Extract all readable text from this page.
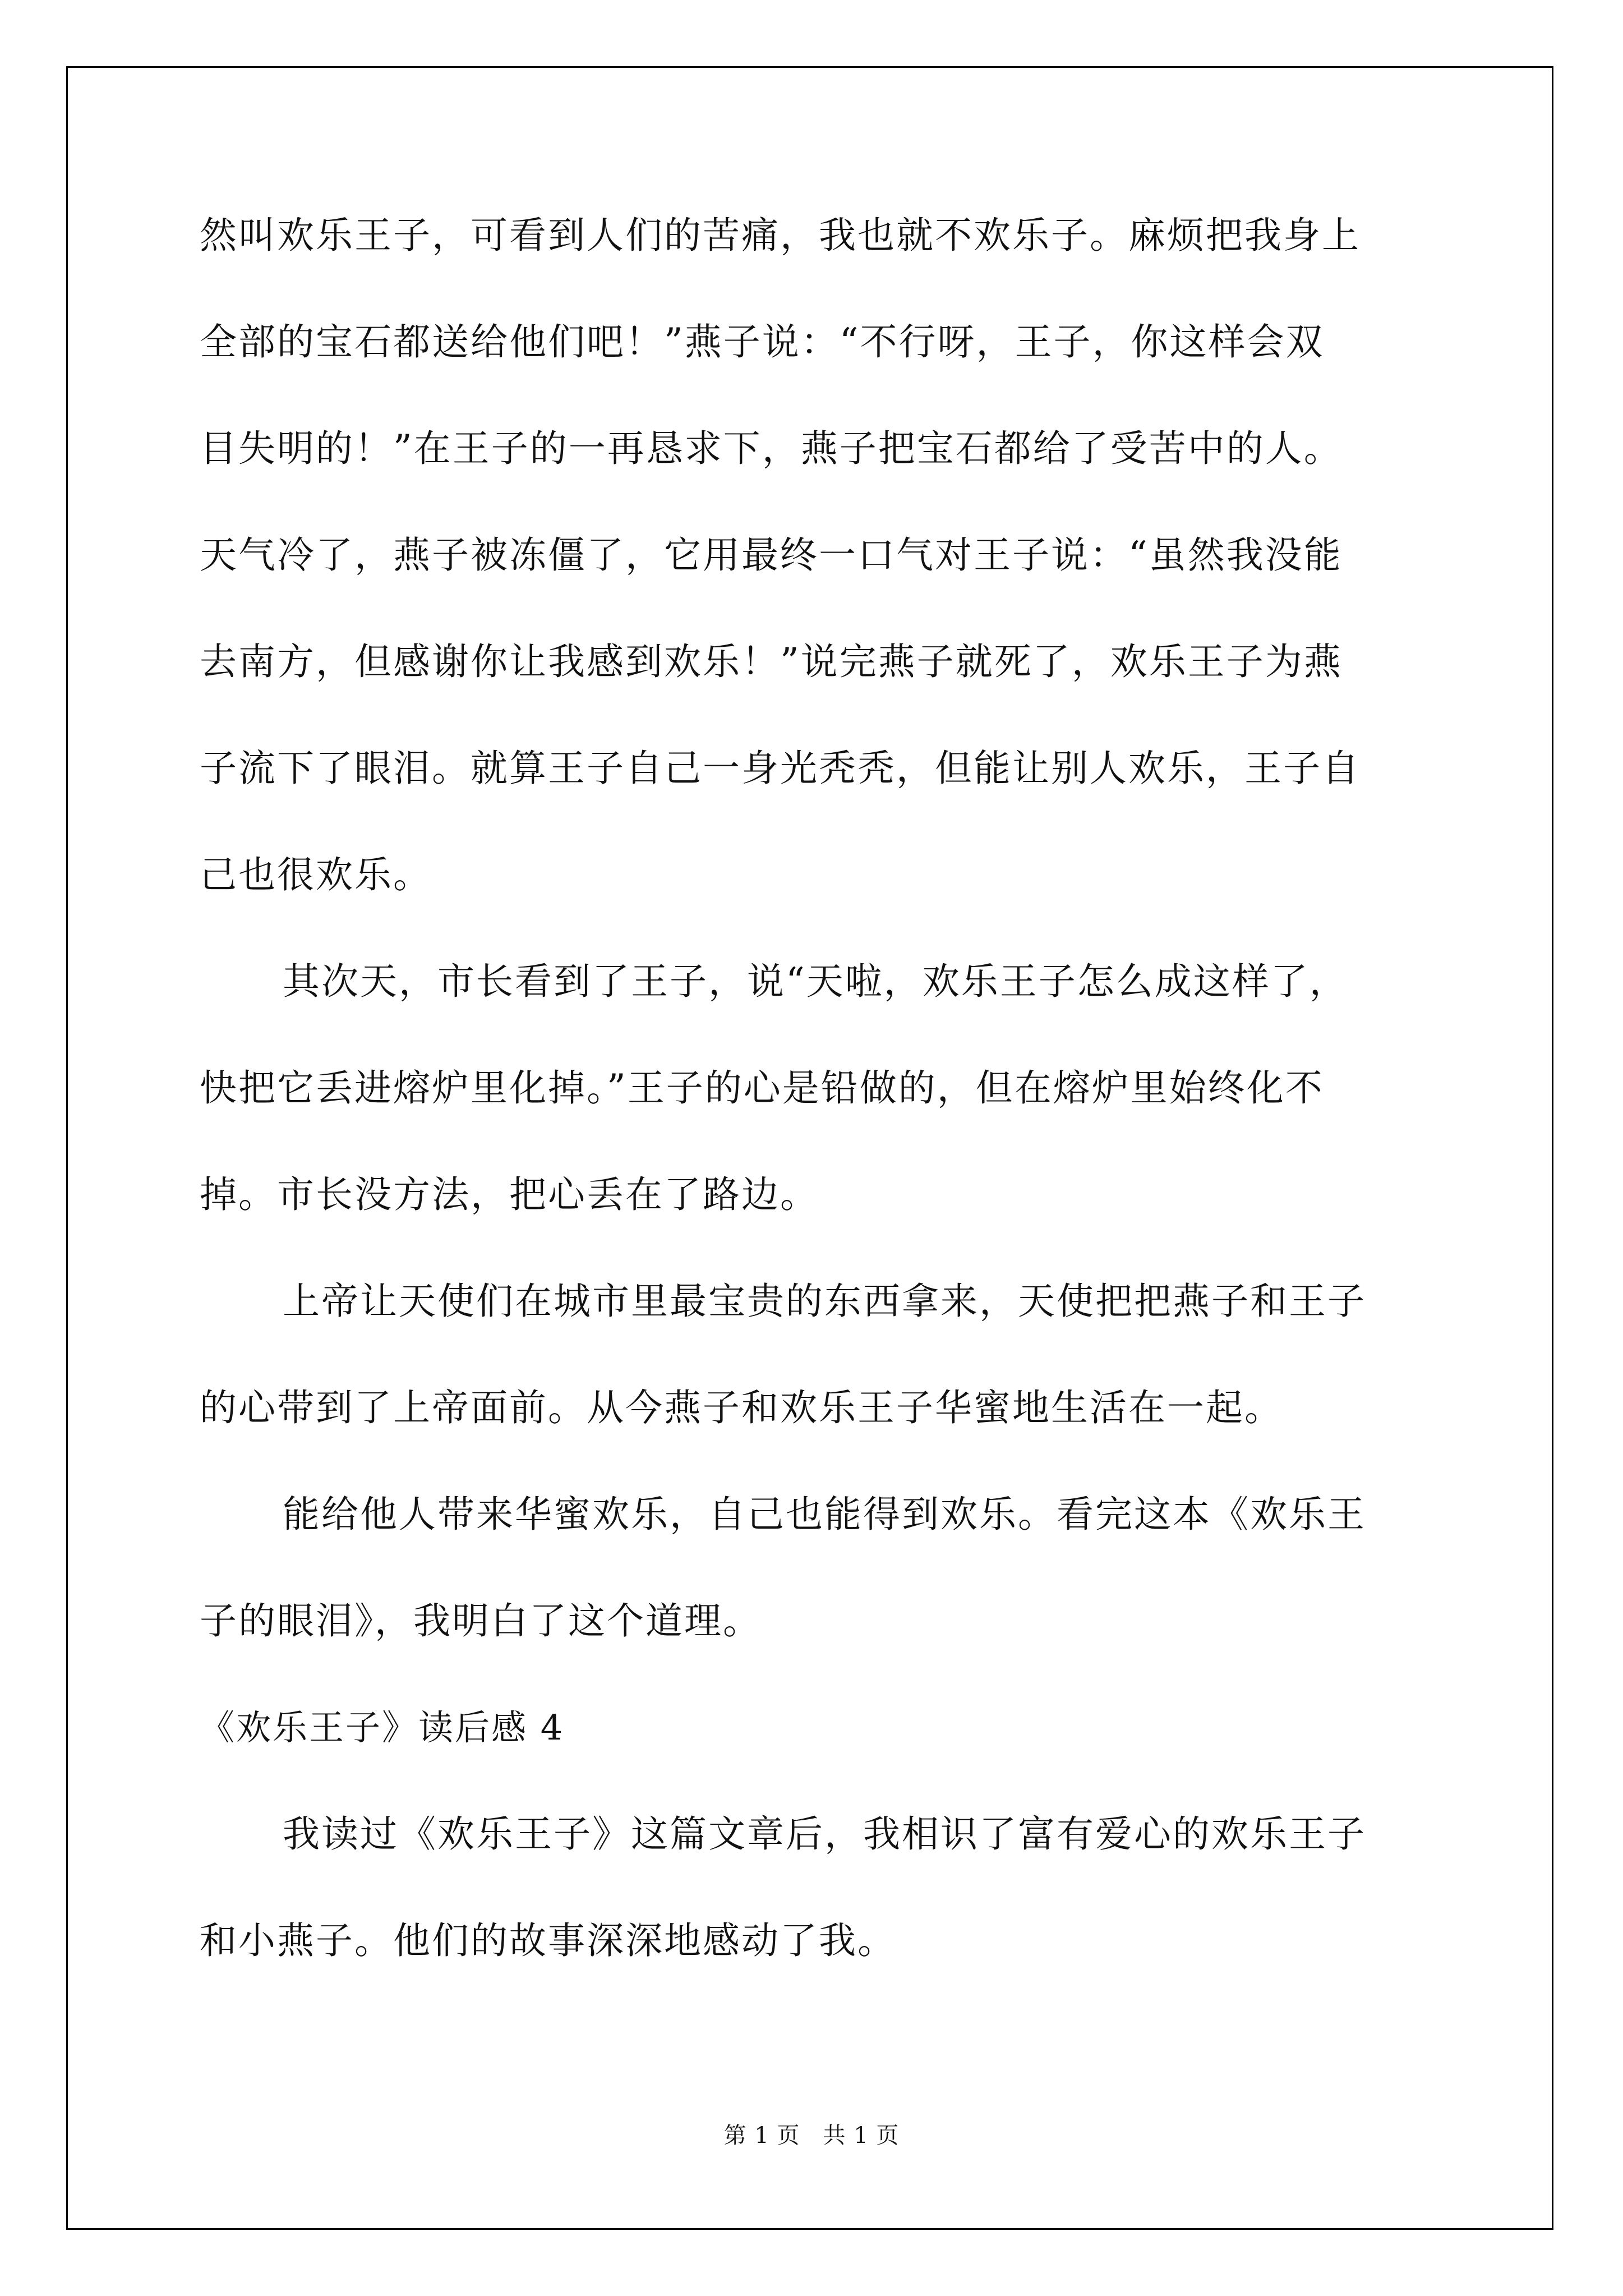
然叫欢乐王子，可看到人们的苦痛，我也就不欢乐子。麻烦把我身上
全部的宝石都送给他们吧！”燕子说：“不行呀，王子，你这样会双
目失明的！”在王子的一再恳求下，燕子把宝石都给了受苦中的人。
天气冷了，燕子被冻僵了，它用最终一口气对王子说：“虽然我没能
去南方，但感谢你让我感到欢乐！”说完燕子就死了，欢乐王子为燕
子流下了眼泪。就算王子自己一身光秃秃，但能让别人欢乐，王子自
己也很欢乐。
其次天，市长看到了王子，说“天啦，欢乐王子怎么成这样了，
快把它丢进熔炉里化掉。”王子的心是铅做的，但在熔炉里始终化不
掉。市长没方法，把心丢在了路边。
上帝让天使们在城市里最宝贵的东西拿来，天使把把燕子和王子
的心带到了上帝面前。从今燕子和欢乐王子华蜜地生活在一起。
能给他人带来华蜜欢乐，自己也能得到欢乐。看完这本《欢乐王
子的眼泪》，我明白了这个道理。
《欢乐王子》读后感 4
我读过《欢乐王子》这篇文章后，我相识了富有爱心的欢乐王子
和小燕子。他们的故事深深地感动了我。
第 1 页　共 1 页
